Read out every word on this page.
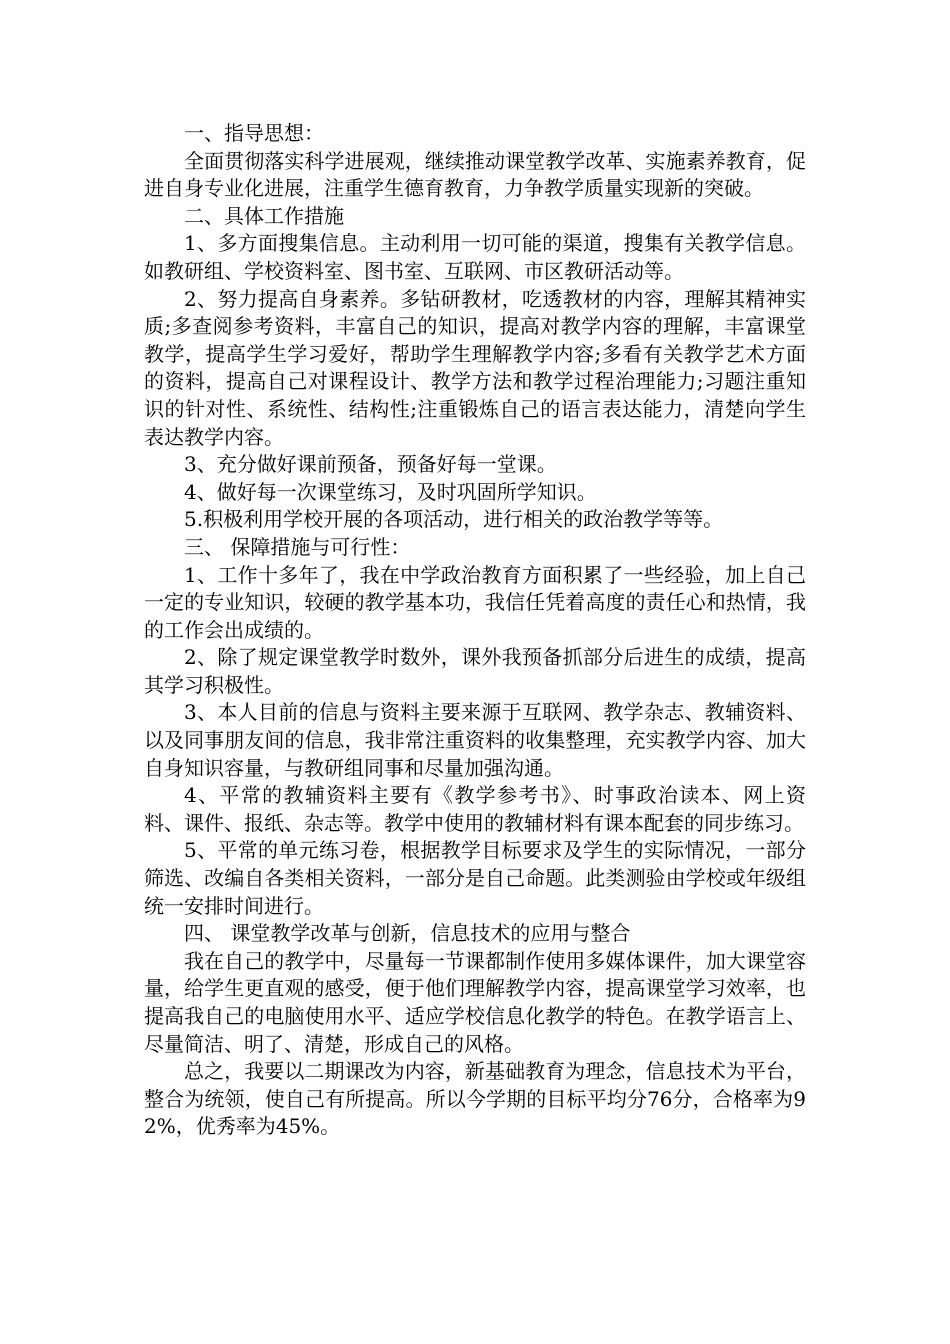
一、指导思想：

全面贯彻落实科学进展观，继续推动课堂教学改革、实施素养教育，促进自身专业化进展，注重学生德育教育，力争教学质量实现新的突破。

二、具体工作措施

1、多方面搜集信息。主动利用一切可能的渠道，搜集有关教学信息。如教研组、学校资料室、图书室、互联网、市区教研活动等。

2、努力提高自身素养。多钻研教材，吃透教材的内容，理解其精神实质;多查阅参考资料，丰富自己的知识，提高对教学内容的理解，丰富课堂教学，提高学生学习爱好，帮助学生理解教学内容;多看有关教学艺术方面的资料，提高自己对课程设计、教学方法和教学过程治理能力;习题注重知识的针对性、系统性、结构性;注重锻炼自己的语言表达能力，清楚向学生表达教学内容。

3、充分做好课前预备，预备好每一堂课。

4、做好每一次课堂练习，及时巩固所学知识。

5.积极利用学校开展的各项活动，进行相关的政治教学等等。

三、 保障措施与可行性：

1、工作十多年了，我在中学政治教育方面积累了一些经验，加上自己一定的专业知识，较硬的教学基本功，我信任凭着高度的责任心和热情，我的工作会出成绩的。

2、除了规定课堂教学时数外，课外我预备抓部分后进生的成绩，提高其学习积极性。

3、本人目前的信息与资料主要来源于互联网、教学杂志、教辅资料、以及同事朋友间的信息，我非常注重资料的收集整理，充实教学内容、加大自身知识容量，与教研组同事和尽量加强沟通。

4、平常的教辅资料主要有《教学参考书》、时事政治读本、网上资料、课件、报纸、杂志等。教学中使用的教辅材料有课本配套的同步练习。

5、平常的单元练习卷，根据教学目标要求及学生的实际情况，一部分筛选、改编自各类相关资料，一部分是自己命题。此类测验由学校或年级组统一安排时间进行。

四、 课堂教学改革与创新，信息技术的应用与整合

我在自己的教学中，尽量每一节课都制作使用多媒体课件，加大课堂容量，给学生更直观的感受，便于他们理解教学内容，提高课堂学习效率，也提高我自己的电脑使用水平、适应学校信息化教学的特色。在教学语言上、尽量简洁、明了、清楚，形成自己的风格。

总之，我要以二期课改为内容，新基础教育为理念，信息技术为平台，整合为统领，使自己有所提高。所以今学期的目标平均分76分，合格率为92%，优秀率为45%。
